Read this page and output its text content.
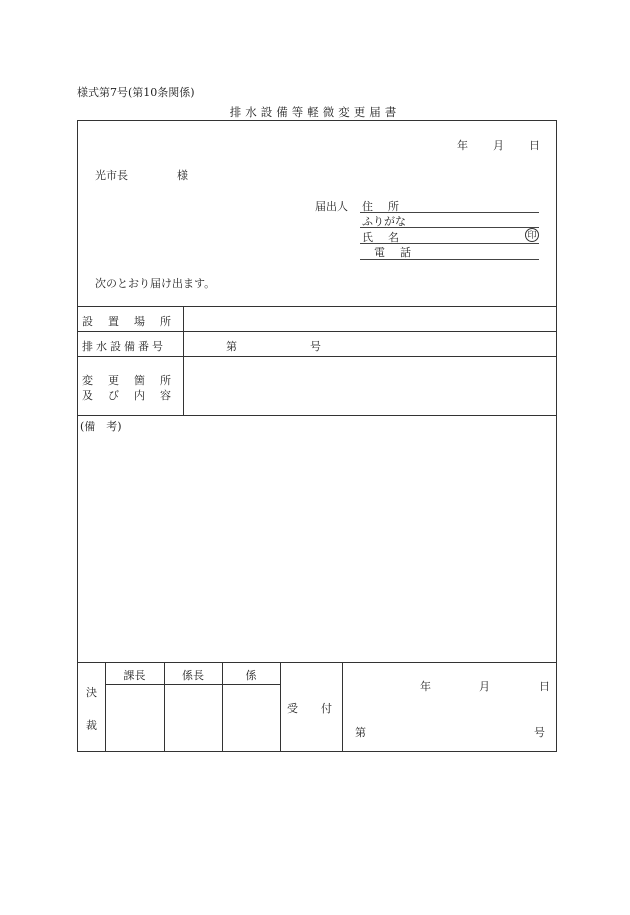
様式第7号(第10条関係)
排水設備等軽微変更届書
年 月 日
光市長	様
届出人 住　所
ふりがな
氏　名	印
電　話
次のとおり届け出ます。
設　置　場　所
排水設備番号	第	号
変　更　箇　所
及　び　内　容
(備　考)
決
裁
課長	係長	係
受　付
年	月	日
第	号
